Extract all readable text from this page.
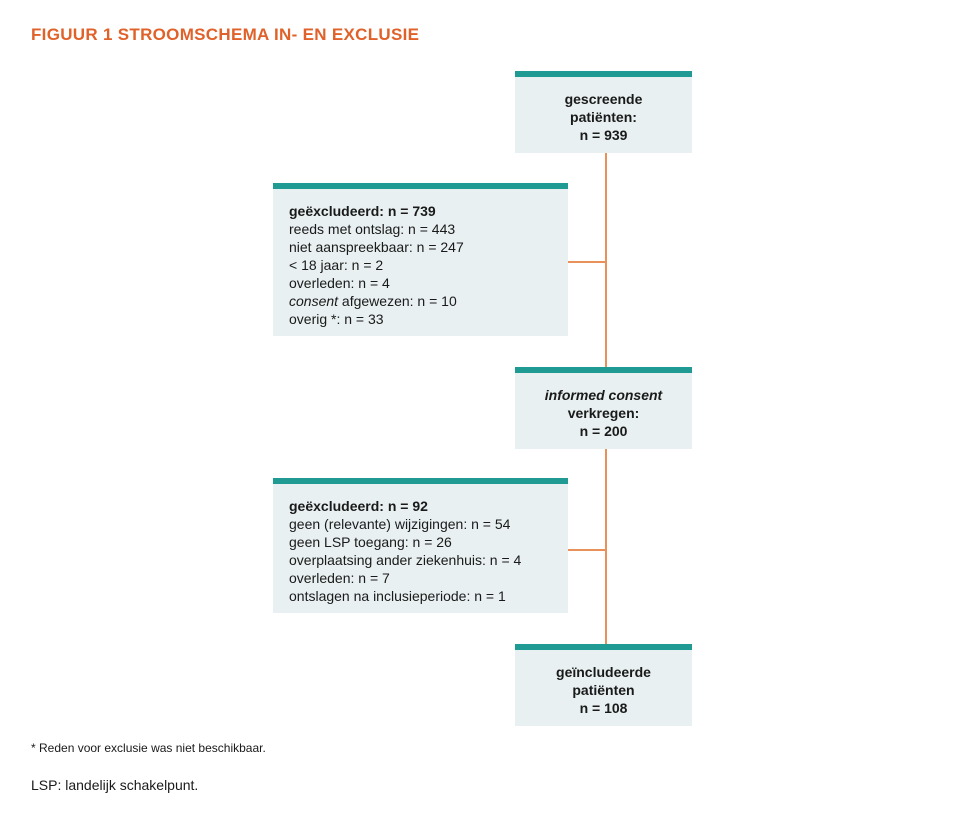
FIGUUR 1 STROOMSCHEMA IN- EN EXCLUSIE
gescreende
patiënten:
n = 939
geëxcludeerd: n = 739
reeds met ontslag: n = 443
niet aanspreekbaar: n = 247
< 18 jaar: n = 2
overleden: n = 4
consent afgewezen: n = 10
overig *: n = 33
informed consent
verkregen:
n = 200
geëxcludeerd: n = 92
geen (relevante) wijzigingen: n = 54
geen LSP toegang: n = 26
overplaatsing ander ziekenhuis: n = 4
overleden: n = 7
ontslagen na inclusieperiode: n = 1
geïncludeerde
patiënten
n = 108
* Reden voor exclusie was niet beschikbaar.
LSP: landelijk schakelpunt.
